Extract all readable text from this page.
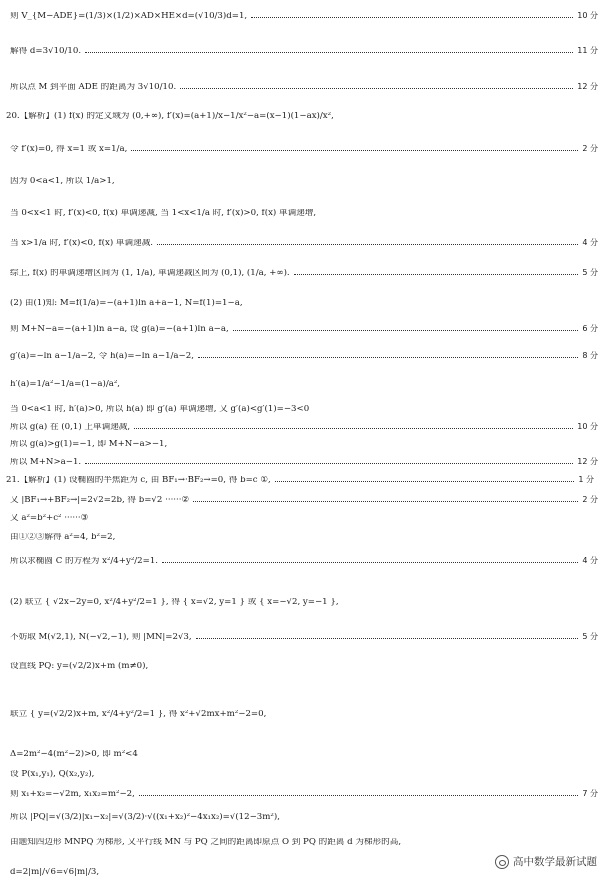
则 V_{M−ADE}=(1/3)×(1/2)×AD×HE×d=(√10/3)d=1,	10 分
解得 d=3√10/10.	11 分
所以点 M 到平面 ADE 的距离为 3√10/10.	12 分
20.【解析】(1) f(x) 的定义域为 (0,+∞), f′(x)=(a+1)/x−1/x²−a=(x−1)(1−ax)/x²,
令 f′(x)=0, 得 x=1 或 x=1/a,	2 分
因为 0<a<1, 所以 1/a>1,
当 0<x<1 时, f′(x)<0, f(x) 单调递减, 当 1<x<1/a 时, f′(x)>0, f(x) 单调递增,
当 x>1/a 时, f′(x)<0, f(x) 单调递减.	4 分
综上, f(x) 的单调递增区间为 (1, 1/a), 单调递减区间为 (0,1), (1/a, +∞).	5 分
(2) 由(1)知: M=f(1/a)=−(a+1)ln a+a−1, N=f(1)=1−a,
则 M+N−a=−(a+1)ln a−a, 设 g(a)=−(a+1)ln a−a,	6 分
g′(a)=−ln a−1/a−2, 令 h(a)=−ln a−1/a−2,	8 分
h′(a)=1/a²−1/a=(1−a)/a²,
当 0<a<1 时, h′(a)>0, 所以 h(a) 即 g′(a) 单调递增, 又 g′(a)<g′(1)=−3<0
所以 g(a) 在 (0,1) 上单调递减,	10 分
所以 g(a)>g(1)=−1, 即 M+N−a>−1,
所以 M+N>a−1.	12 分
21.【解析】(1) 设椭圆的半焦距为 c, 由 BF₁→·BF₂→=0, 得 b=c ①,	1 分
又 |BF₁→+BF₂→|=2√2=2b, 得 b=√2 ······②	2 分
又 a²=b²+c² ······③
由①②③解得 a²=4, b²=2,
所以求椭圆 C 的方程为 x²/4+y²/2=1.	4 分
(2) 联立 { √2x−2y=0, x²/4+y²/2=1 }, 得 { x=√2, y=1 } 或 { x=−√2, y=−1 },
不妨取 M(√2,1), N(−√2,−1), 则 |MN|=2√3,	5 分
设直线 PQ: y=(√2/2)x+m (m≠0),
联立 { y=(√2/2)x+m, x²/4+y²/2=1 }, 得 x²+√2mx+m²−2=0,
Δ=2m²−4(m²−2)>0, 即 m²<4
设 P(x₁,y₁), Q(x₂,y₂),
则 x₁+x₂=−√2m, x₁x₂=m²−2,	7 分
所以 |PQ|=√(3/2)|x₁−x₂|=√(3/2)·√((x₁+x₂)²−4x₁x₂)=√(12−3m²),
由题知四边形 MNPQ 为梯形, 又平行线 MN 与 PQ 之间的距离即原点 O 到 PQ 的距离 d 为梯形的高,
d=2|m|/√6=√6|m|/3,
高中数学最新试题
